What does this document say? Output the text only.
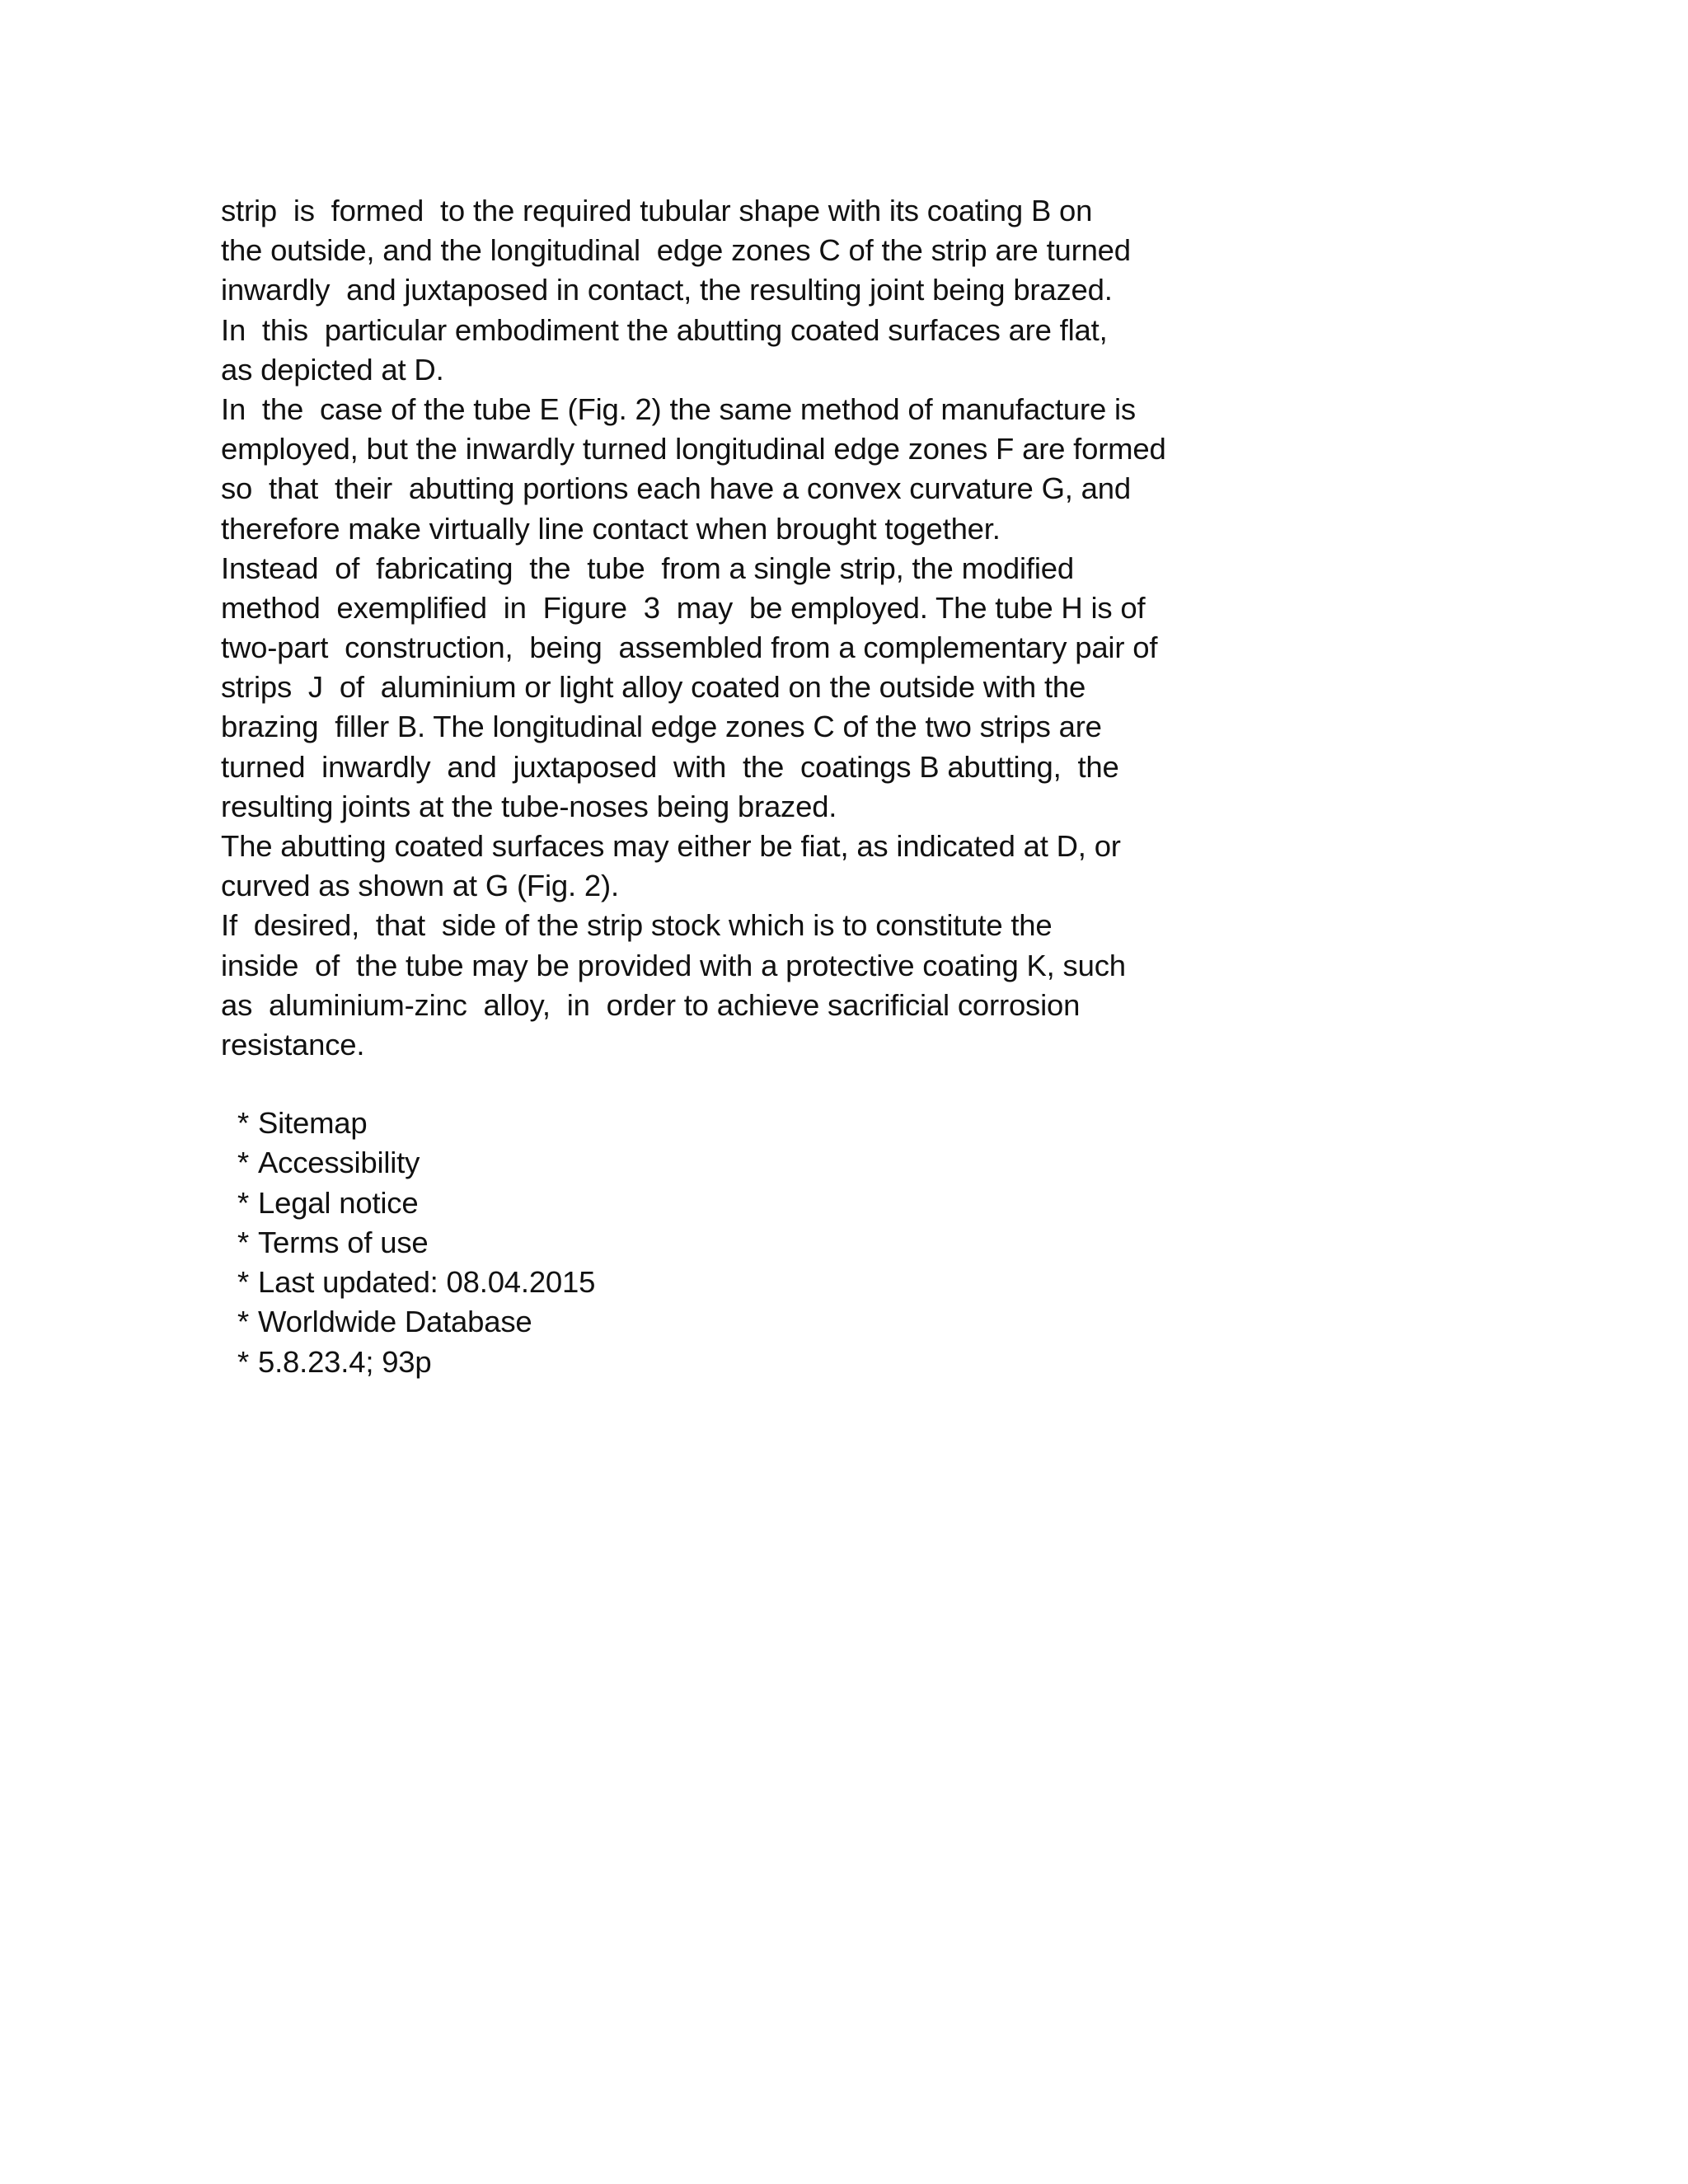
strip  is  formed  to the required tubular shape with its coating B on
the outside, and the longitudinal  edge zones C of the strip are turned
inwardly  and juxtaposed in contact, the resulting joint being brazed.
In  this  particular embodiment the abutting coated surfaces are flat,
as depicted at D.
In  the  case of the tube E (Fig. 2) the same method of manufacture is
employed, but the inwardly turned longitudinal edge zones F are formed
so  that  their  abutting portions each have a convex curvature G, and
therefore make virtually line contact when brought together.
Instead  of  fabricating  the  tube  from a single strip, the modified
method  exemplified  in  Figure  3  may  be employed. The tube H is of
two-part  construction,  being  assembled from a complementary pair of
strips  J  of  aluminium or light alloy coated on the outside with the
brazing  filler B. The longitudinal edge zones C of the two strips are
turned  inwardly  and  juxtaposed  with  the  coatings B abutting,  the
resulting joints at the tube-noses being brazed.
The abutting coated surfaces may either be fiat, as indicated at D, or
curved as shown at G (Fig. 2).
If  desired,  that  side of the strip stock which is to constitute the
inside  of  the tube may be provided with a protective coating K, such
as  aluminium-zinc  alloy,  in  order to achieve sacrificial corrosion
resistance.
* Sitemap
* Accessibility
* Legal notice
* Terms of use
* Last updated: 08.04.2015
* Worldwide Database
* 5.8.23.4; 93p
